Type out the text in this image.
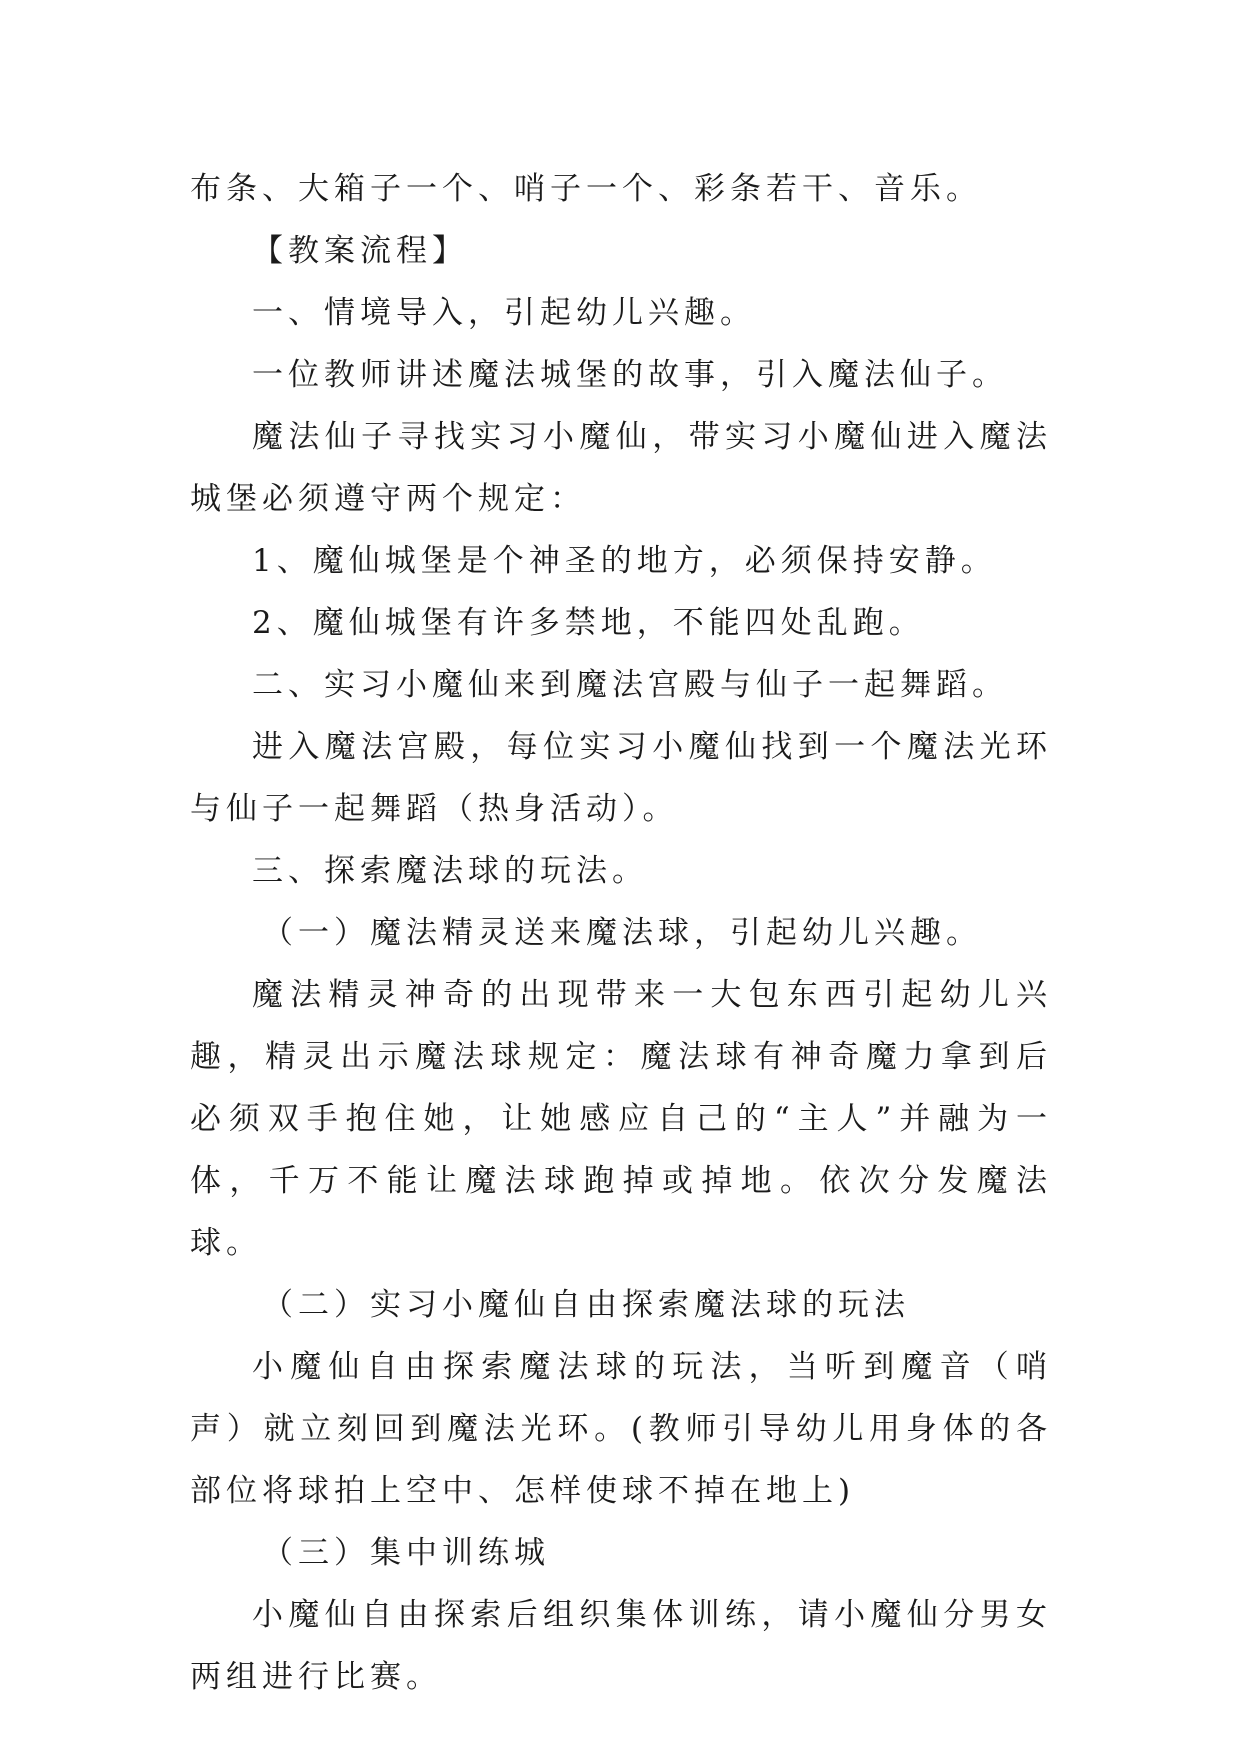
布条、大箱子一个、哨子一个、彩条若干、音乐。

【教案流程】

一、情境导入，引起幼儿兴趣。

一位教师讲述魔法城堡的故事，引入魔法仙子。

魔法仙子寻找实习小魔仙，带实习小魔仙进入魔法城堡必须遵守两个规定：

1、魔仙城堡是个神圣的地方，必须保持安静。

2、魔仙城堡有许多禁地，不能四处乱跑。

二、实习小魔仙来到魔法宫殿与仙子一起舞蹈。

进入魔法宫殿，每位实习小魔仙找到一个魔法光环与仙子一起舞蹈（热身活动）。

三、探索魔法球的玩法。

（一）魔法精灵送来魔法球，引起幼儿兴趣。

魔法精灵神奇的出现带来一大包东西引起幼儿兴趣，精灵出示魔法球规定：魔法球有神奇魔力拿到后必须双手抱住她，让她感应自己的“主人”并融为一体，千万不能让魔法球跑掉或掉地。依次分发魔法球。

（二）实习小魔仙自由探索魔法球的玩法

小魔仙自由探索魔法球的玩法，当听到魔音（哨声）就立刻回到魔法光环。(教师引导幼儿用身体的各部位将球拍上空中、怎样使球不掉在地上)

（三）集中训练城

小魔仙自由探索后组织集体训练，请小魔仙分男女两组进行比赛。
